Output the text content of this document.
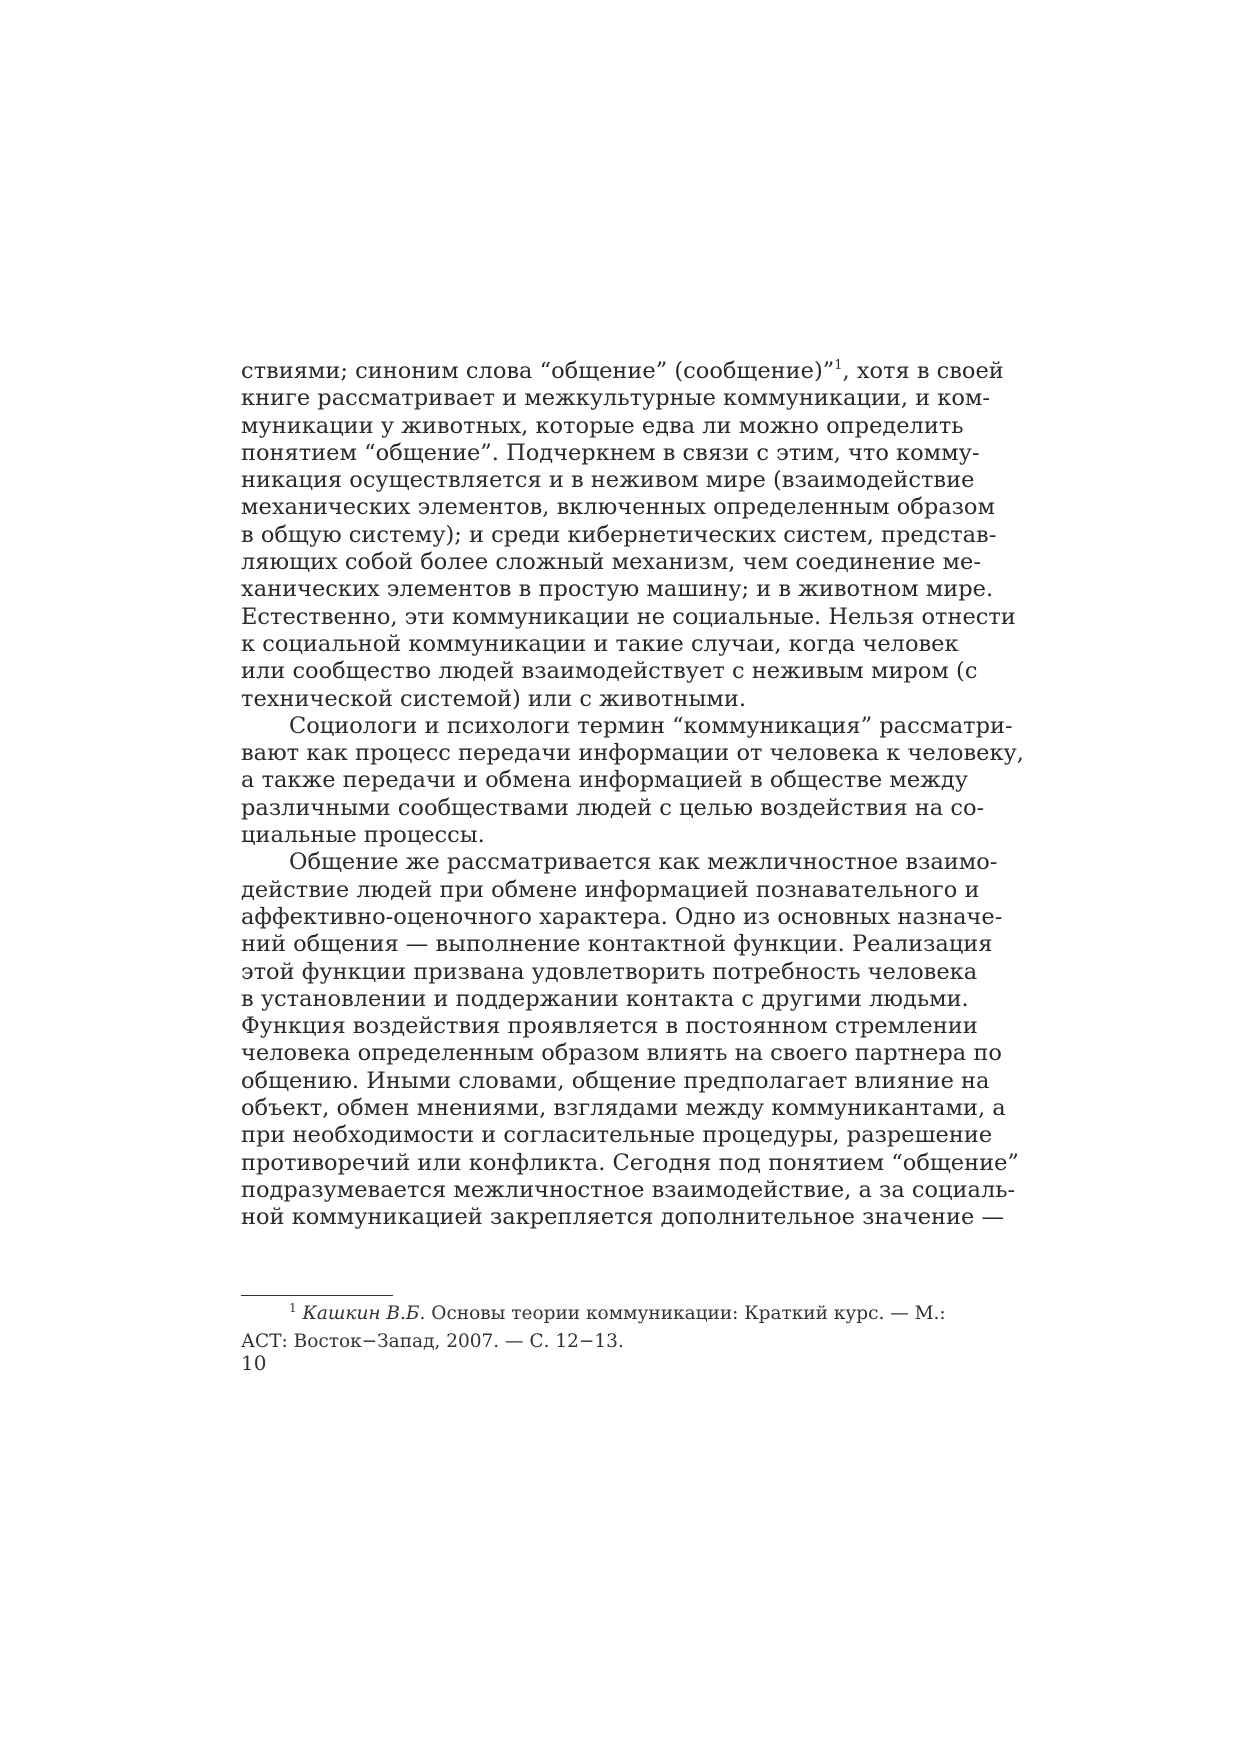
ствиями; синоним слова “общение” (сообщение)”$^1$, хотя в своей
книге рассматривает и межкультурные коммуникации, и ком-
муникации у животных, которые едва ли можно определить
понятием “общение”. Подчеркнем в связи с этим, что комму-
никация осуществляется и в неживом мире (взаимодействие
механических элементов, включенных определенным образом
в общую систему); и среди кибернетических систем, представ-
ляющих собой более сложный механизм, чем соединение ме-
ханических элементов в простую машину; и в животном мире.
Естественно, эти коммуникации не социальные. Нельзя отнести
к социальной коммуникации и такие случаи, когда человек
или сообщество людей взаимодействует с неживым миром (с
технической системой) или с животными.
Социологи и психологи термин “коммуникация” рассматри-
вают как процесс передачи информации от человека к человеку,
а также передачи и обмена информацией в обществе между
различными сообществами людей с целью воздействия на со-
циальные процессы.
Общение же рассматривается как межличностное взаимо-
действие людей при обмене информацией познавательного и
аффективно-оценочного характера. Одно из основных назначе-
ний общения — выполнение контактной функции. Реализация
этой функции призвана удовлетворить потребность человека
в установлении и поддержании контакта с другими людьми.
Функция воздействия проявляется в постоянном стремлении
человека определенным образом влиять на своего партнера по
общению. Иными словами, общение предполагает влияние на
объект, обмен мнениями, взглядами между коммуникантами, а
при необходимости и согласительные процедуры, разрешение
противоречий или конфликта. Сегодня под понятием “общение”
подразумевается межличностное взаимодействие, а за социаль-
ной коммуникацией закрепляется дополнительное значение —
$^1$ Кашкин В.Б. Основы теории коммуникации: Краткий курс. — М.:
АСТ: Восток−Запад, 2007. — С. 12−13.
10
